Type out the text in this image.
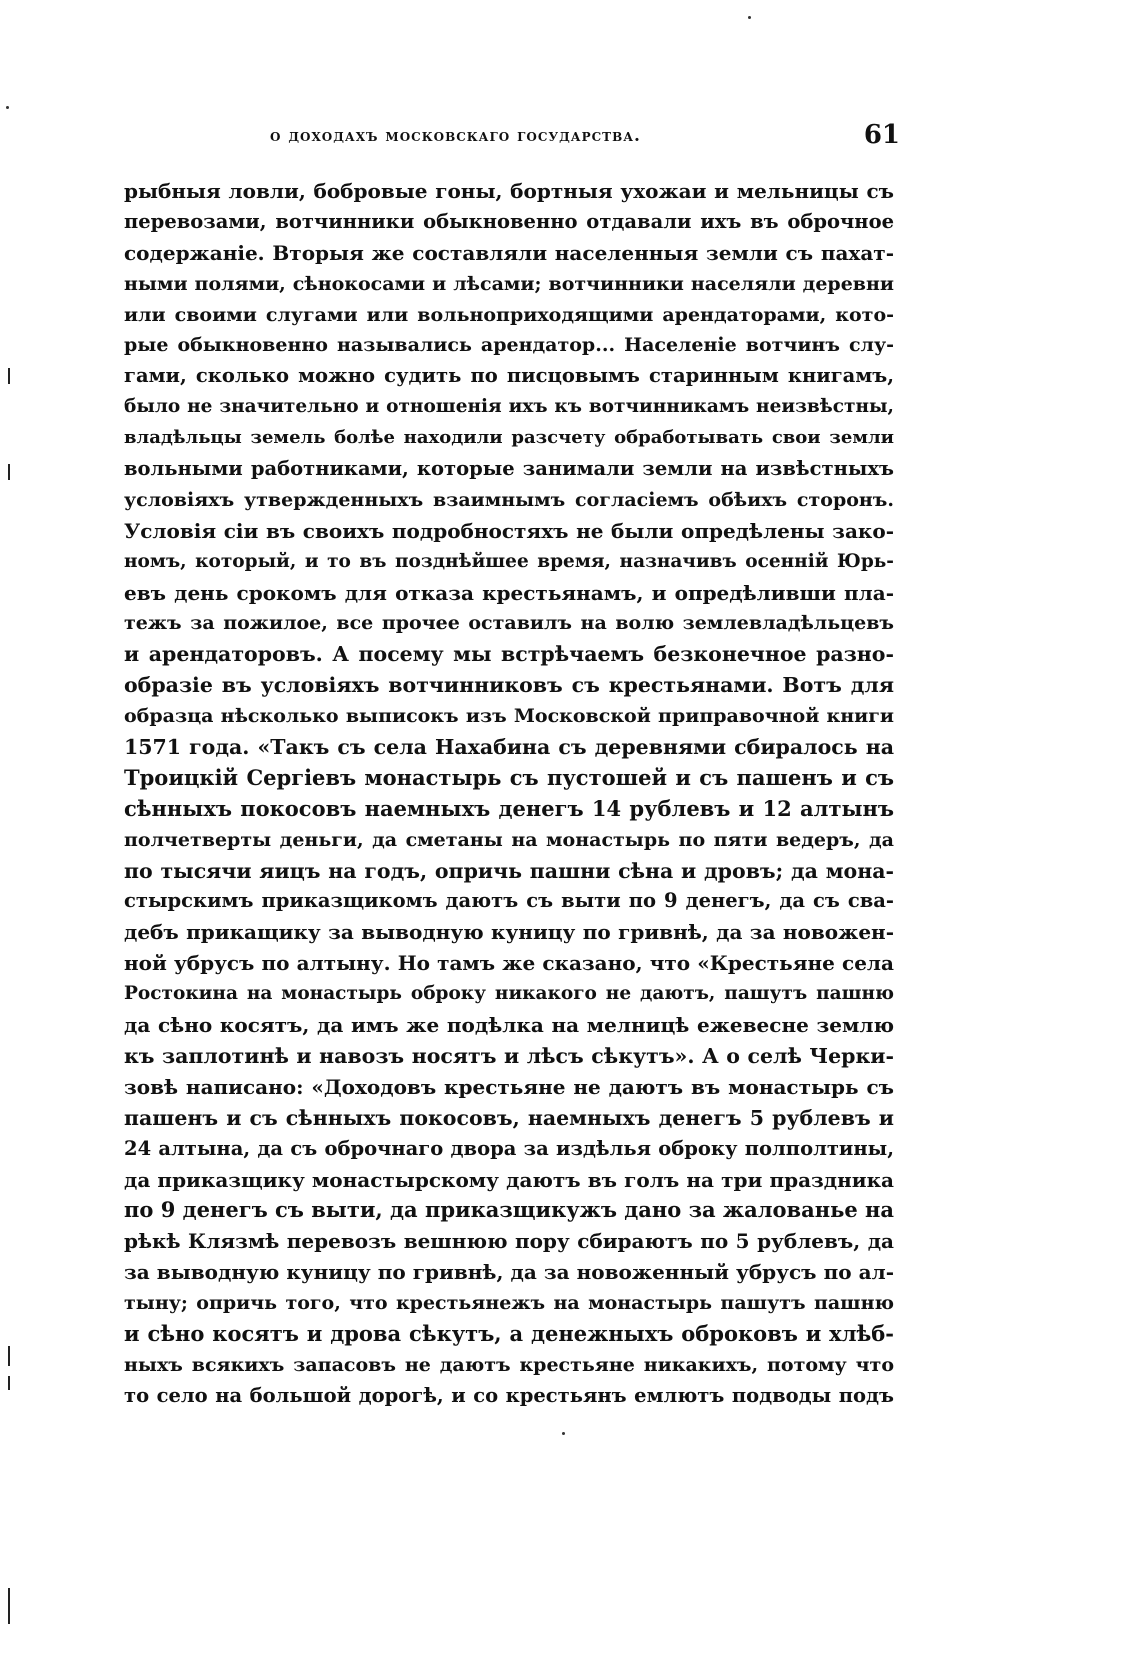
о доходахъ московскаго государства.	61
рыбныя ловли, бобровые гоны, бортныя ухожаи и мельницы съ
перевозами, вотчинники обыкновенно отдавали ихъ въ оброчное
содержаніе. Вторыя же составляли населенныя земли съ пахат-
ными полями, сѣнокосами и лѣсами; вотчинники населяли деревни
или своими слугами или вольноприходящими арендаторами, кото-
рые обыкновенно назывались арендатор... Населеніе вотчинъ слу-
гами, сколько можно судить по писцовымъ старинным книгамъ,
было не значительно и отношенія ихъ къ вотчинникамъ неизвѣстны,
владѣльцы земель болѣе находили разсчету обработывать свои земли
вольными работниками, которые занимали земли на извѣстныхъ
условіяхъ утвержденныхъ взаимнымъ согласіемъ обѣихъ сторонъ.
Условія сіи въ своихъ подробностяхъ не были опредѣлены зако-
номъ, который, и то въ позднѣйшее время, назначивъ осенній Юрь-
евъ день срокомъ для отказа крестьянамъ, и опредѣливши пла-
тежъ за пожилое, все прочее оставилъ на волю землевладѣльцевъ
и арендаторовъ. А посему мы встрѣчаемъ безконечное разно-
образіе въ условіяхъ вотчинниковъ съ крестьянами. Вотъ для
образца нѣсколько выписокъ изъ Московской приправочной книги
1571 года. «Такъ съ села Нахабина съ деревнями сбиралось на
Троицкій Сергіевъ монастырь съ пустошей и съ пашенъ и съ
сѣнныхъ покосовъ наемныхъ денегъ 14 рублевъ и 12 алтынъ
полчетверты деньги, да сметаны на монастырь по пяти ведеръ, да
по тысячи яицъ на годъ, опричь пашни сѣна и дровъ; да мона-
стырскимъ приказщикомъ даютъ съ выти по 9 денегъ, да съ сва-
дебъ прикащику за выводную куницу по гривнѣ, да за новожен-
ной убрусъ по алтыну. Но тамъ же сказано, что «Крестьяне села
Ростокина на монастырь оброку никакого не даютъ, пашутъ пашню
да сѣно косятъ, да имъ же подѣлка на мелницѣ ежевесне землю
къ заплотинѣ и навозъ носятъ и лѣсъ сѣкутъ». А о селѣ Черки-
зовѣ написано: «Доходовъ крестьяне не даютъ въ монастырь съ
пашенъ и съ сѣнныхъ покосовъ, наемныхъ денегъ 5 рублевъ и
24 алтына, да съ оброчнаго двора за издѣлья оброку полполтины,
да приказщику монастырскому даютъ въ голъ на три праздника
по 9 денегъ съ выти, да приказщикужъ дано за жалованье на
рѣкѣ Клязмѣ перевозъ вешнюю пору сбираютъ по 5 рублевъ, да
за выводную куницу по гривнѣ, да за новоженный убрусъ по ал-
тыну; опричь того, что крестьянежъ на монастырь пашутъ пашню
и сѣно косятъ и дрова сѣкутъ, а денежныхъ оброковъ и хлѣб-
ныхъ всякихъ запасовъ не даютъ крестьяне никакихъ, потому что
то село на большой дорогѣ, и со крестьянъ емлютъ подводы подъ
